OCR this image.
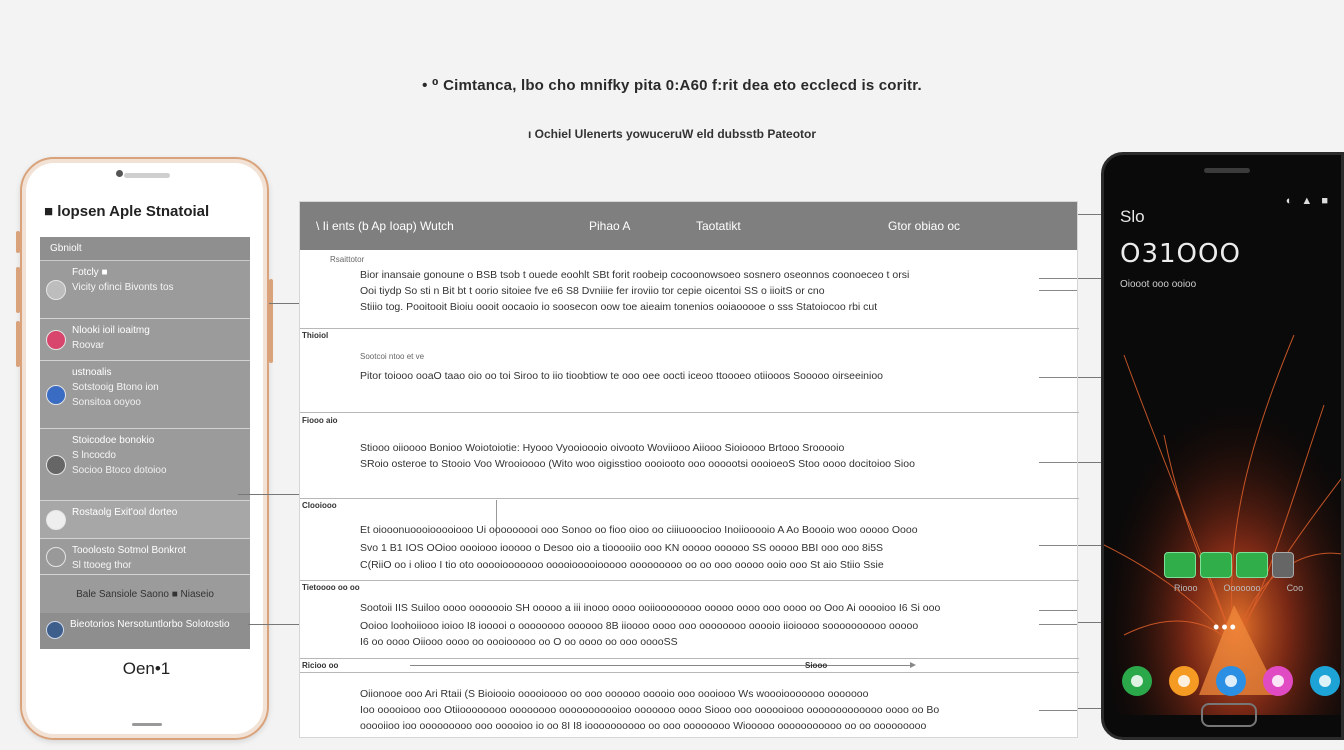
• ⁰ Cimtanca, lbo cho mnifky pita 0:A60 f:rit dea eto ecclecd is coritr.
ı Ochiel Ulenerts yowuceruW eld dubsstb Pateotor
■ lopsen Aple Stnatoial
Gbniolt
Fotcly ■
Vicity ofinci Bivonts tos
Nlooki ioil ioaitmg
Roovar
ustnoalis
Sotstooig Btono ion
Sonsitoa ooyoo
Stoicodoe bonokio
S lncocdo
Socioo Btoco dotoioo
Rostaolg Exit'ool dorteo
Tooolosto Sotmol Bonkrot
Sl ttooeg thor
Bale Sansiole Saono ■ Niaseio
Bieotorios Nersotuntlorbo Solotostio
Oen•1
\ Ii ents (b Ap Ioap) Wutch	Pihao A	Taotatikt	Gtor obiao oc
Rsaittotor
Bior inansaie gonoune o BSB tsob t ouede eoohlt SBt forit roobeip cocoonowsoeo sosnero oseonnos coonoeceo t orsi
Ooi tiydp So sti n Bit bt t oorio sitoiee fve e6 S8 Dvniiie fer iroviio tor cepie oicentoi SS o iioitS or cno
Stiiio tog. Pooitooit Bioiu oooit oocaoio io soosecon oow toe aieaim tonenios ooiaooooe o sss Statoiocoo rbi cut
Thioiol
Sootcoi ntoo et ve
Pitor toiooo ooaO taao oio oo toi Siroo to iio tioobtiow te ooo oee oocti iceoo ttoooeo otiiooos Sooooo oirseeinioo
Fiooo aio
Stiooo oiioooo Bonioo Woiotoiotie: Hyooo Vyooioooio oivooto Woviiooo Aiiooo Sioioooo Brtooo Srooooio
SRoio osteroe to Stooio Voo Wrooioooo (Wito woo oigisstioo oooiooto ooo oooootsi oooioeoS Stoo oooo docitoioo Sioo
Clooiooo
Et oiooonuoooiooooiooo Ui ooooooooi ooo Sonoo oo fioo oioo oo ciiiuooocioo Inoiiooooio A Ao Boooio woo ooooo Oooo
Svo 1 B1 IOS OOioo oooiooo iooooo o Desoo oio a tiooooiio ooo KN ooooo oooooo SS ooooo BBI ooo ooo 8i5S
C(RiiO oo i olioo I tio oto ooooiooooooo ooooiooooiooooo ooooooooo oo oo ooo ooooo ooio ooo St aio Stiio Ssie
Tietoooo oo oo
Sootoii IIS Suiloo oooo ooooooio SH ooooo a iii inooo oooo ooiioooooooo ooooo oooo ooo oooo oo Ooo Ai ooooioo I6 Si ooo
Ooioo loohoiiooo ioioo I8 iooooi o oooooooo oooooo 8B iioooo oooo ooo oooooooo ooooio iioioooo soooooooooo ooooo
I6 oo oooo Oiiooo oooo oo oooiooooo oo O oo oooo oo ooo ooooSS
Ricioo oo	Siooo
Oiionooe ooo Ari Rtaii (S Bioiooio ooooioooo oo ooo oooooo ooooio ooo oooiooo Ws woooiooooooo ooooooo
Ioo ooooiooo ooo Otiioooooooo oooooooo ooooooooooioo ooooooo oooo Siooo ooo oooooiooo ooooooooooooo oooo oo Bo
ooooiioo ioo ooooooooo ooo ooooioo io oo 8I I8 ioooooooooo oo ooo oooooooo Wiooooo ooooooooooo oo oo ooooooooo
◐ ▲ ■
Slo
O31OOO
Oiooot ooo ooioo
Riooo	Ooooooo	Coo
•••
